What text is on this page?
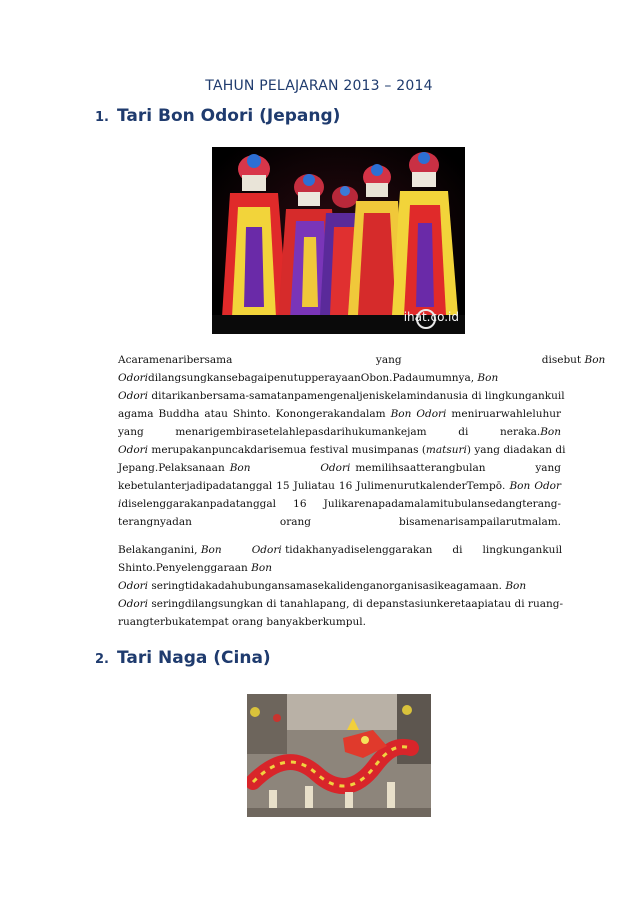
TAHUN PELAJARAN 2013 – 2014
1. Tari Bon Odori (Jepang)
ihat.co.id
Acaramenaribersama                                           yang                                          disebut Bon
OdoridilangsungkansebagaipenutupperayaanObon.Padaumumnya, Bon
Odori ditarikanbersama-samatanpamengenaljeniskelamindanusia di lingkungankuil
agama Buddha atau Shinto. Konongerakandalam Bon Odori meniruarwahleluhur
yang menarigembirasetelahlepasdarihukumankejam di neraka.Bon
Odori merupakanpuncakdarisemua festival musimpanas (matsuri) yang diadakan di
Jepang.Pelaksanaan Bon	Odori memilihsaatterangbulan          yang
kebetulanterjadipadatanggal 15 Juliatau 16 JulimenurutkalenderTempō. Bon Odor
idiselenggarakanpadatanggal 16 Julikarenapadamalamitubulansedangterang-
terangnyadan                orang                bisamenarisampailarutmalam.
Belakanganini, Bon	Odori tidakhanyadiselenggarakan      di      lingkungankuil
Shinto.Penyelenggaraan Bon
Odori seringtidakadahubungansamasekalidenganorganisasikeagamaan. Bon
Odori seringdilangsungkan di tanahlapang, di depanstasiunkeretaapiatau di ruang-
ruangterbukatempat orang banyakberkumpul.
2. Tari Naga (Cina)
